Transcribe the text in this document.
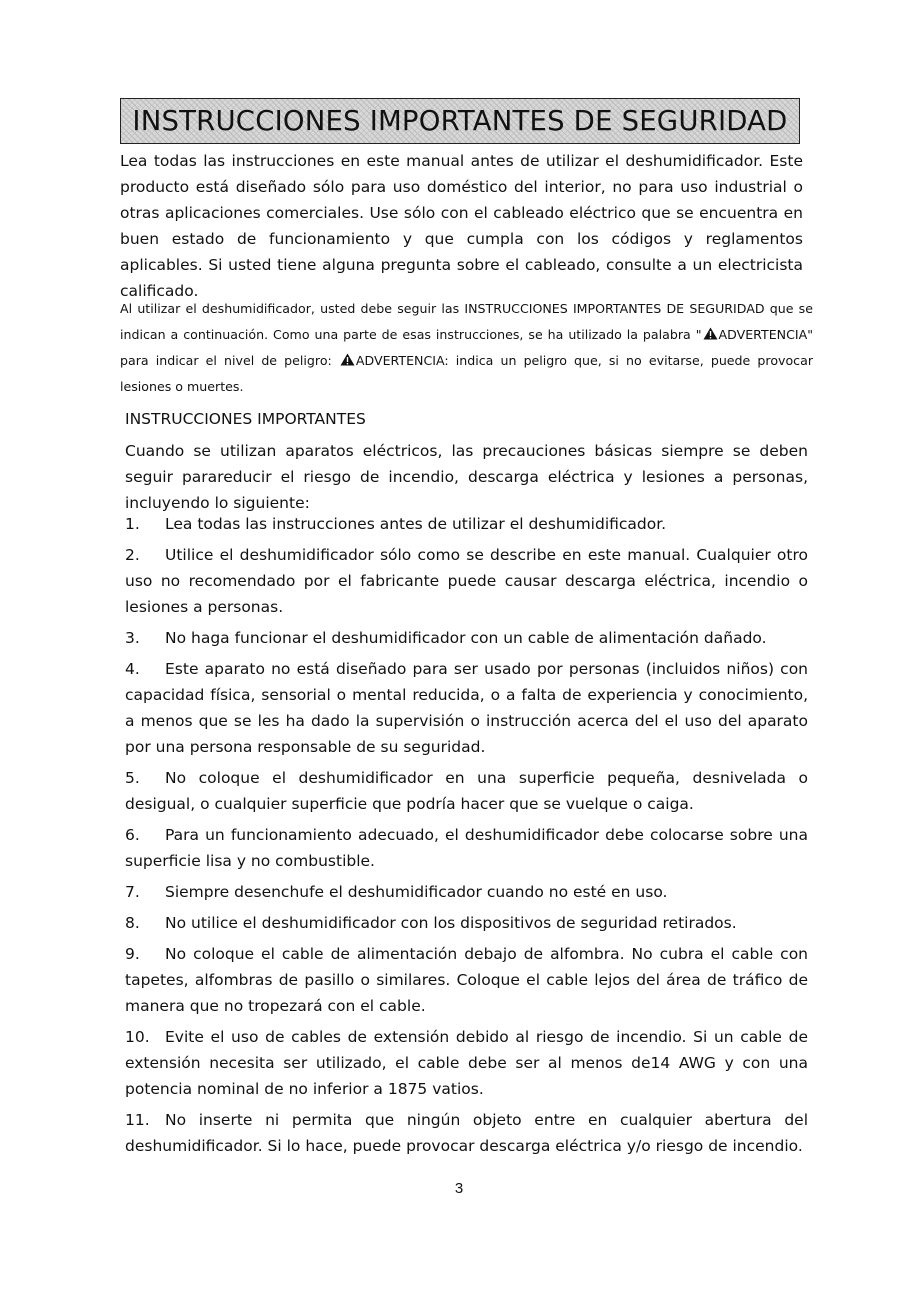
INSTRUCCIONES IMPORTANTES DE SEGURIDAD

Lea todas las instrucciones en este manual antes de utilizar el deshumidificador. Este producto está diseñado sólo para uso doméstico del interior, no para uso industrial o otras aplicaciones comerciales. Use sólo con el cableado eléctrico que se encuentra en buen estado de funcionamiento y que cumpla con los códigos y reglamentos aplicables. Si usted tiene alguna pregunta sobre el cableado, consulte a un electricista calificado.

Al utilizar el deshumidificador, usted debe seguir las INSTRUCCIONES IMPORTANTES DE SEGURIDAD que se indican a continuación. Como una parte de esas instrucciones, se ha utilizado la palabra " ADVERTENCIA" para indicar el nivel de peligro: ADVERTENCIA: indica un peligro que, si no evitarse, puede provocar lesiones o muertes.

INSTRUCCIONES IMPORTANTES

Cuando se utilizan aparatos eléctricos, las precauciones básicas siempre se deben seguir parareducir el riesgo de incendio, descarga eléctrica y lesiones a personas, incluyendo lo siguiente:

1. Lea todas las instrucciones antes de utilizar el deshumidificador.

2. Utilice el deshumidificador sólo como se describe en este manual. Cualquier otro uso no recomendado por el fabricante puede causar descarga eléctrica, incendio o lesiones a personas.

3. No haga funcionar el deshumidificador con un cable de alimentación dañado.

4. Este aparato no está diseñado para ser usado por personas (incluidos niños) con capacidad física, sensorial o mental reducida, o a falta de experiencia y conocimiento, a menos que se les ha dado la supervisión o instrucción acerca del el uso del aparato por una persona responsable de su seguridad.

5. No coloque el deshumidificador en una superficie pequeña, desnivelada o desigual, o cualquier superficie que podría hacer que se vuelque o caiga.

6. Para un funcionamiento adecuado, el deshumidificador debe colocarse sobre una superficie lisa y no combustible.

7. Siempre desenchufe el deshumidificador cuando no esté en uso.

8. No utilice el deshumidificador con los dispositivos de seguridad retirados.

9. No coloque el cable de alimentación debajo de alfombra. No cubra el cable con tapetes, alfombras de pasillo o similares. Coloque el cable lejos del área de tráfico de manera que no tropezará con el cable.

10. Evite el uso de cables de extensión debido al riesgo de incendio. Si un cable de extensión necesita ser utilizado, el cable debe ser al menos de14 AWG y con una potencia nominal de no inferior a 1875 vatios.

11. No inserte ni permita que ningún objeto entre en cualquier abertura del deshumidificador. Si lo hace, puede provocar descarga eléctrica y/o riesgo de incendio.

3
